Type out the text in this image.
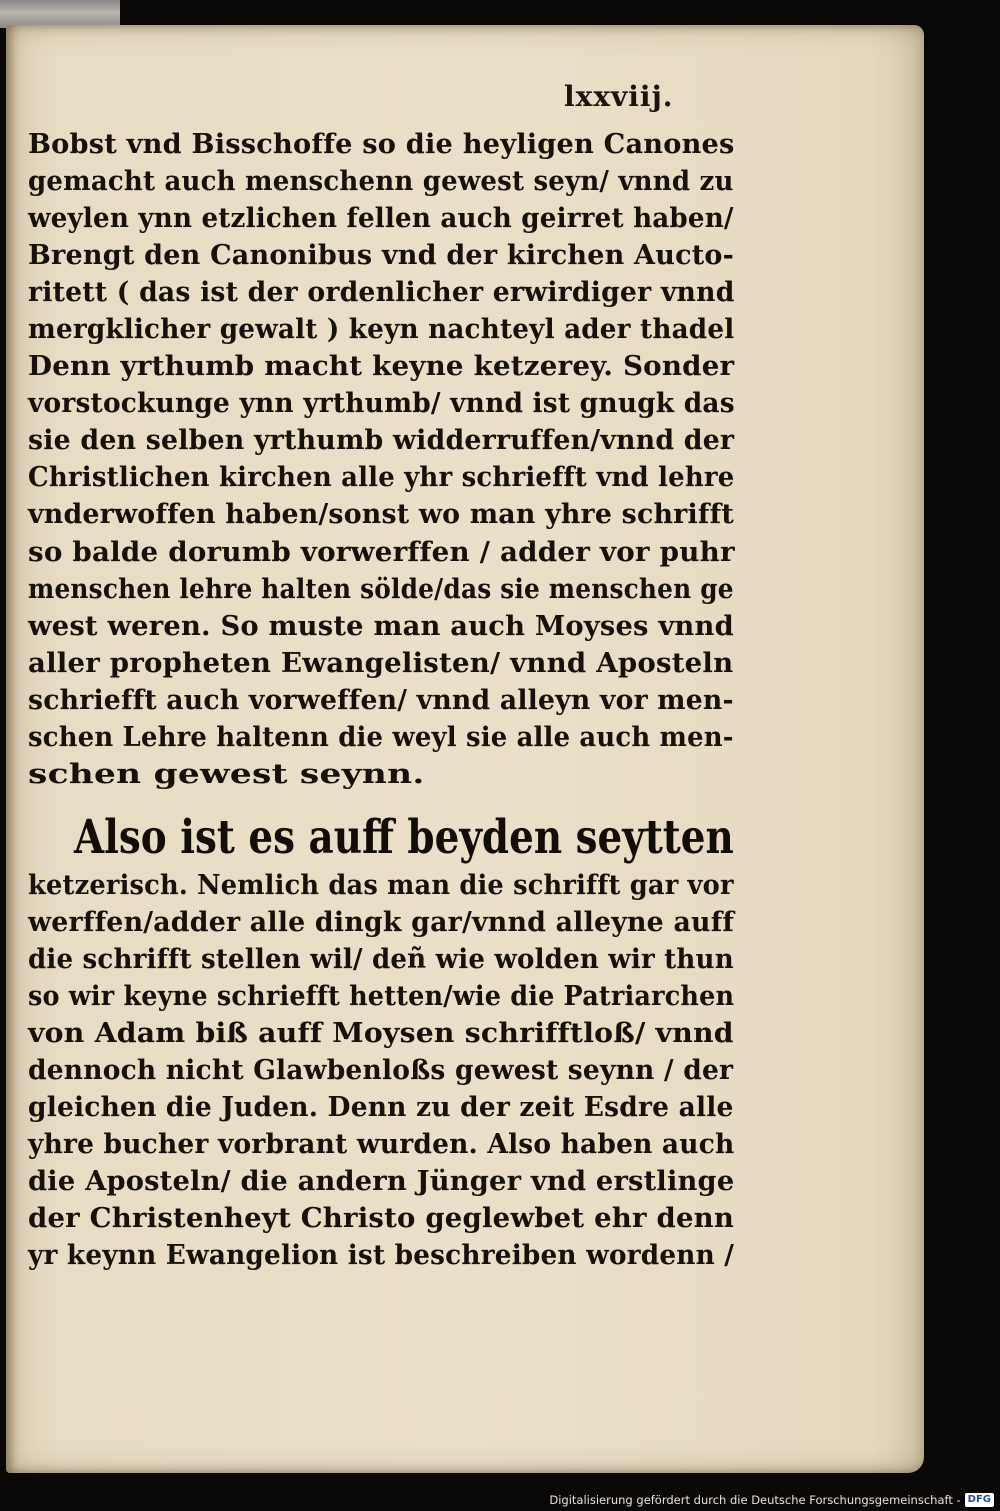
lxxviij.
Bobst vnd Bisschoffe so die heyligen Canones
gemacht auch menschenn gewest seyn/ vnnd zu
weylen ynn etzlichen fellen auch geirret haben/
Brengt den Canonibus vnd der kirchen Aucto-
ritett ( das ist der ordenlicher erwirdiger vnnd
mergklicher gewalt ) keyn nachteyl ader thadel
Denn yrthumb macht keyne ketzerey. Sonder
vorstockunge ynn yrthumb/ vnnd ist gnugk das
sie den selben yrthumb widderruffen/vnnd der
Christlichen kirchen alle yhr schriefft vnd lehre
vnderwoffen haben/sonst wo man yhre schrifft
so balde dorumb vorwerffen / adder vor puhr
menschen lehre halten sölde/das sie menschen ge
west weren. So muste man auch Moyses vnnd
aller propheten Ewangelisten/ vnnd Aposteln
schriefft auch vorweffen/ vnnd alleyn vor men-
schen Lehre haltenn die weyl sie alle auch men-
schen gewest seynn.
Also ist es auff beyden seytten
ketzerisch. Nemlich das man die schrifft gar vor
werffen/adder alle dingk gar/vnnd alleyne auff
die schrifft stellen wil/ deñ wie wolden wir thun
so wir keyne schriefft hetten/wie die Patriarchen
von Adam biß auff Moysen schrifftloß/ vnnd
dennoch nicht Glawbenloßs gewest seynn / der
gleichen die Juden. Denn zu der zeit Esdre alle
yhre bucher vorbrant wurden. Also haben auch
die Aposteln/ die andern Jünger vnd erstlinge
der Christenheyt Christo geglewbet ehr denn
yr keynn Ewangelion ist beschreiben wordenn /
Digitalisierung gefördert durch die Deutsche Forschungsgemeinschaft - DFG
